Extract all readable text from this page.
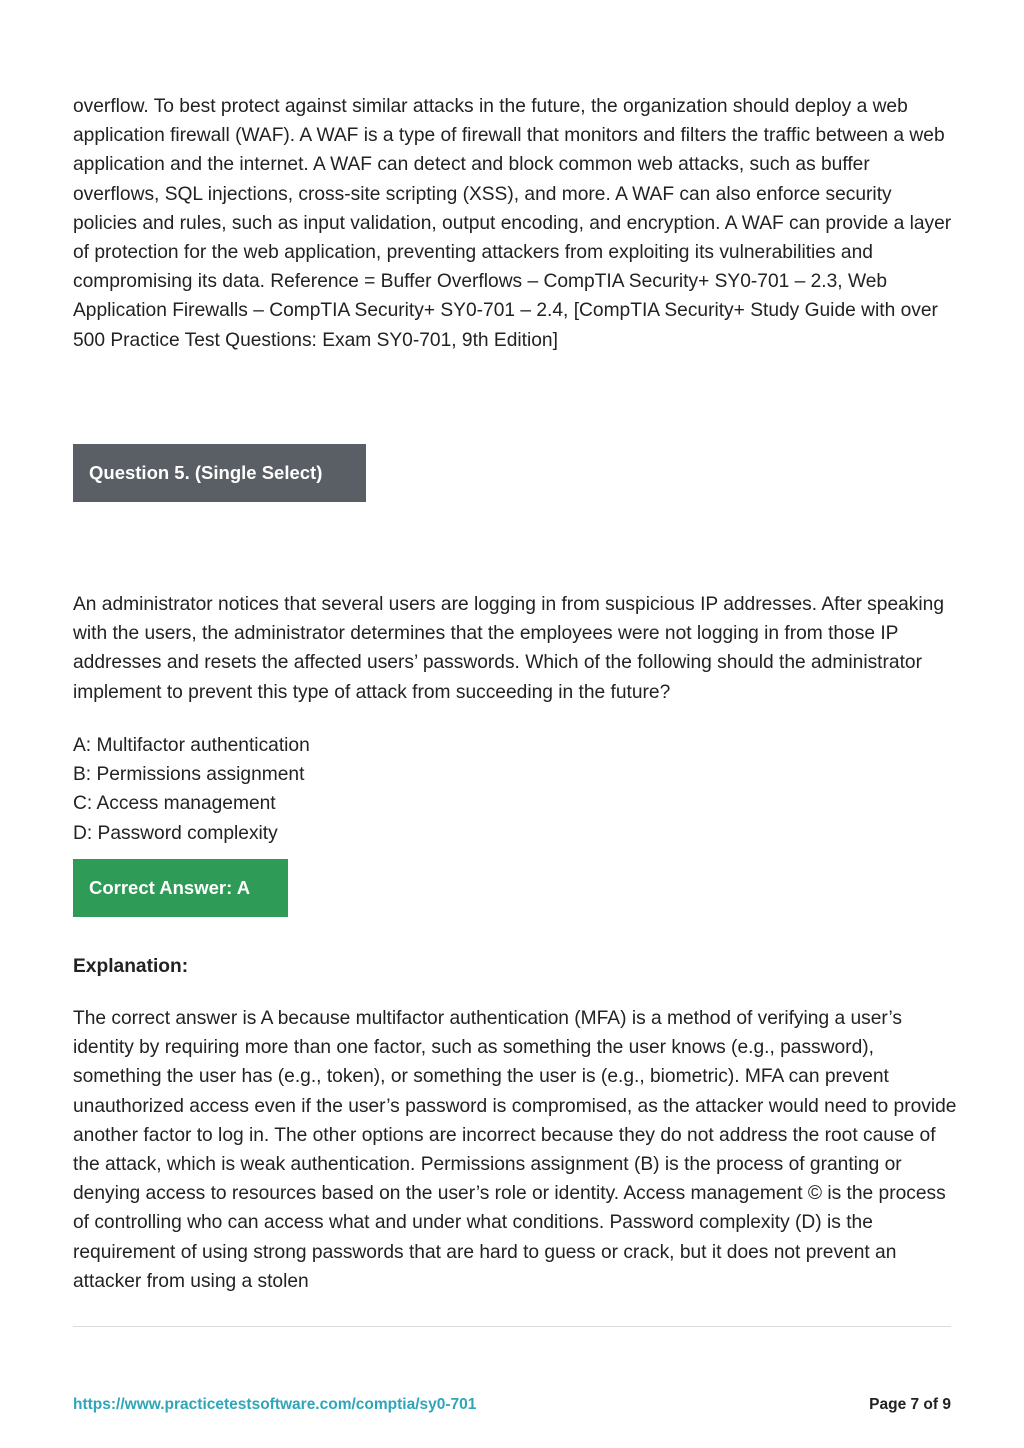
overflow. To best protect against similar attacks in the future, the organization should deploy a web application firewall (WAF). A WAF is a type of firewall that monitors and filters the traffic between a web application and the internet. A WAF can detect and block common web attacks, such as buffer overflows, SQL injections, cross-site scripting (XSS), and more. A WAF can also enforce security policies and rules, such as input validation, output encoding, and encryption. A WAF can provide a layer of protection for the web application, preventing attackers from exploiting its vulnerabilities and compromising its data. Reference = Buffer Overflows – CompTIA Security+ SY0-701 – 2.3, Web Application Firewalls – CompTIA Security+ SY0-701 – 2.4, [CompTIA Security+ Study Guide with over 500 Practice Test Questions: Exam SY0-701, 9th Edition]

Question 5. (Single Select)

An administrator notices that several users are logging in from suspicious IP addresses. After speaking with the users, the administrator determines that the employees were not logging in from those IP addresses and resets the affected users’ passwords. Which of the following should the administrator implement to prevent this type of attack from succeeding in the future?

A: Multifactor authentication
B: Permissions assignment
C: Access management
D: Password complexity
Correct Answer: A

Explanation:

The correct answer is A because multifactor authentication (MFA) is a method of verifying a user’s identity by requiring more than one factor, such as something the user knows (e.g., password), something the user has (e.g., token), or something the user is (e.g., biometric). MFA can prevent unauthorized access even if the user’s password is compromised, as the attacker would need to provide another factor to log in. The other options are incorrect because they do not address the root cause of the attack, which is weak authentication. Permissions assignment (B) is the process of granting or denying access to resources based on the user’s role or identity. Access management © is the process of controlling who can access what and under what conditions. Password complexity (D) is the requirement of using strong passwords that are hard to guess or crack, but it does not prevent an attacker from using a stolen

https://www.practicetestsoftware.com/comptia/sy0-701	Page 7 of 9
